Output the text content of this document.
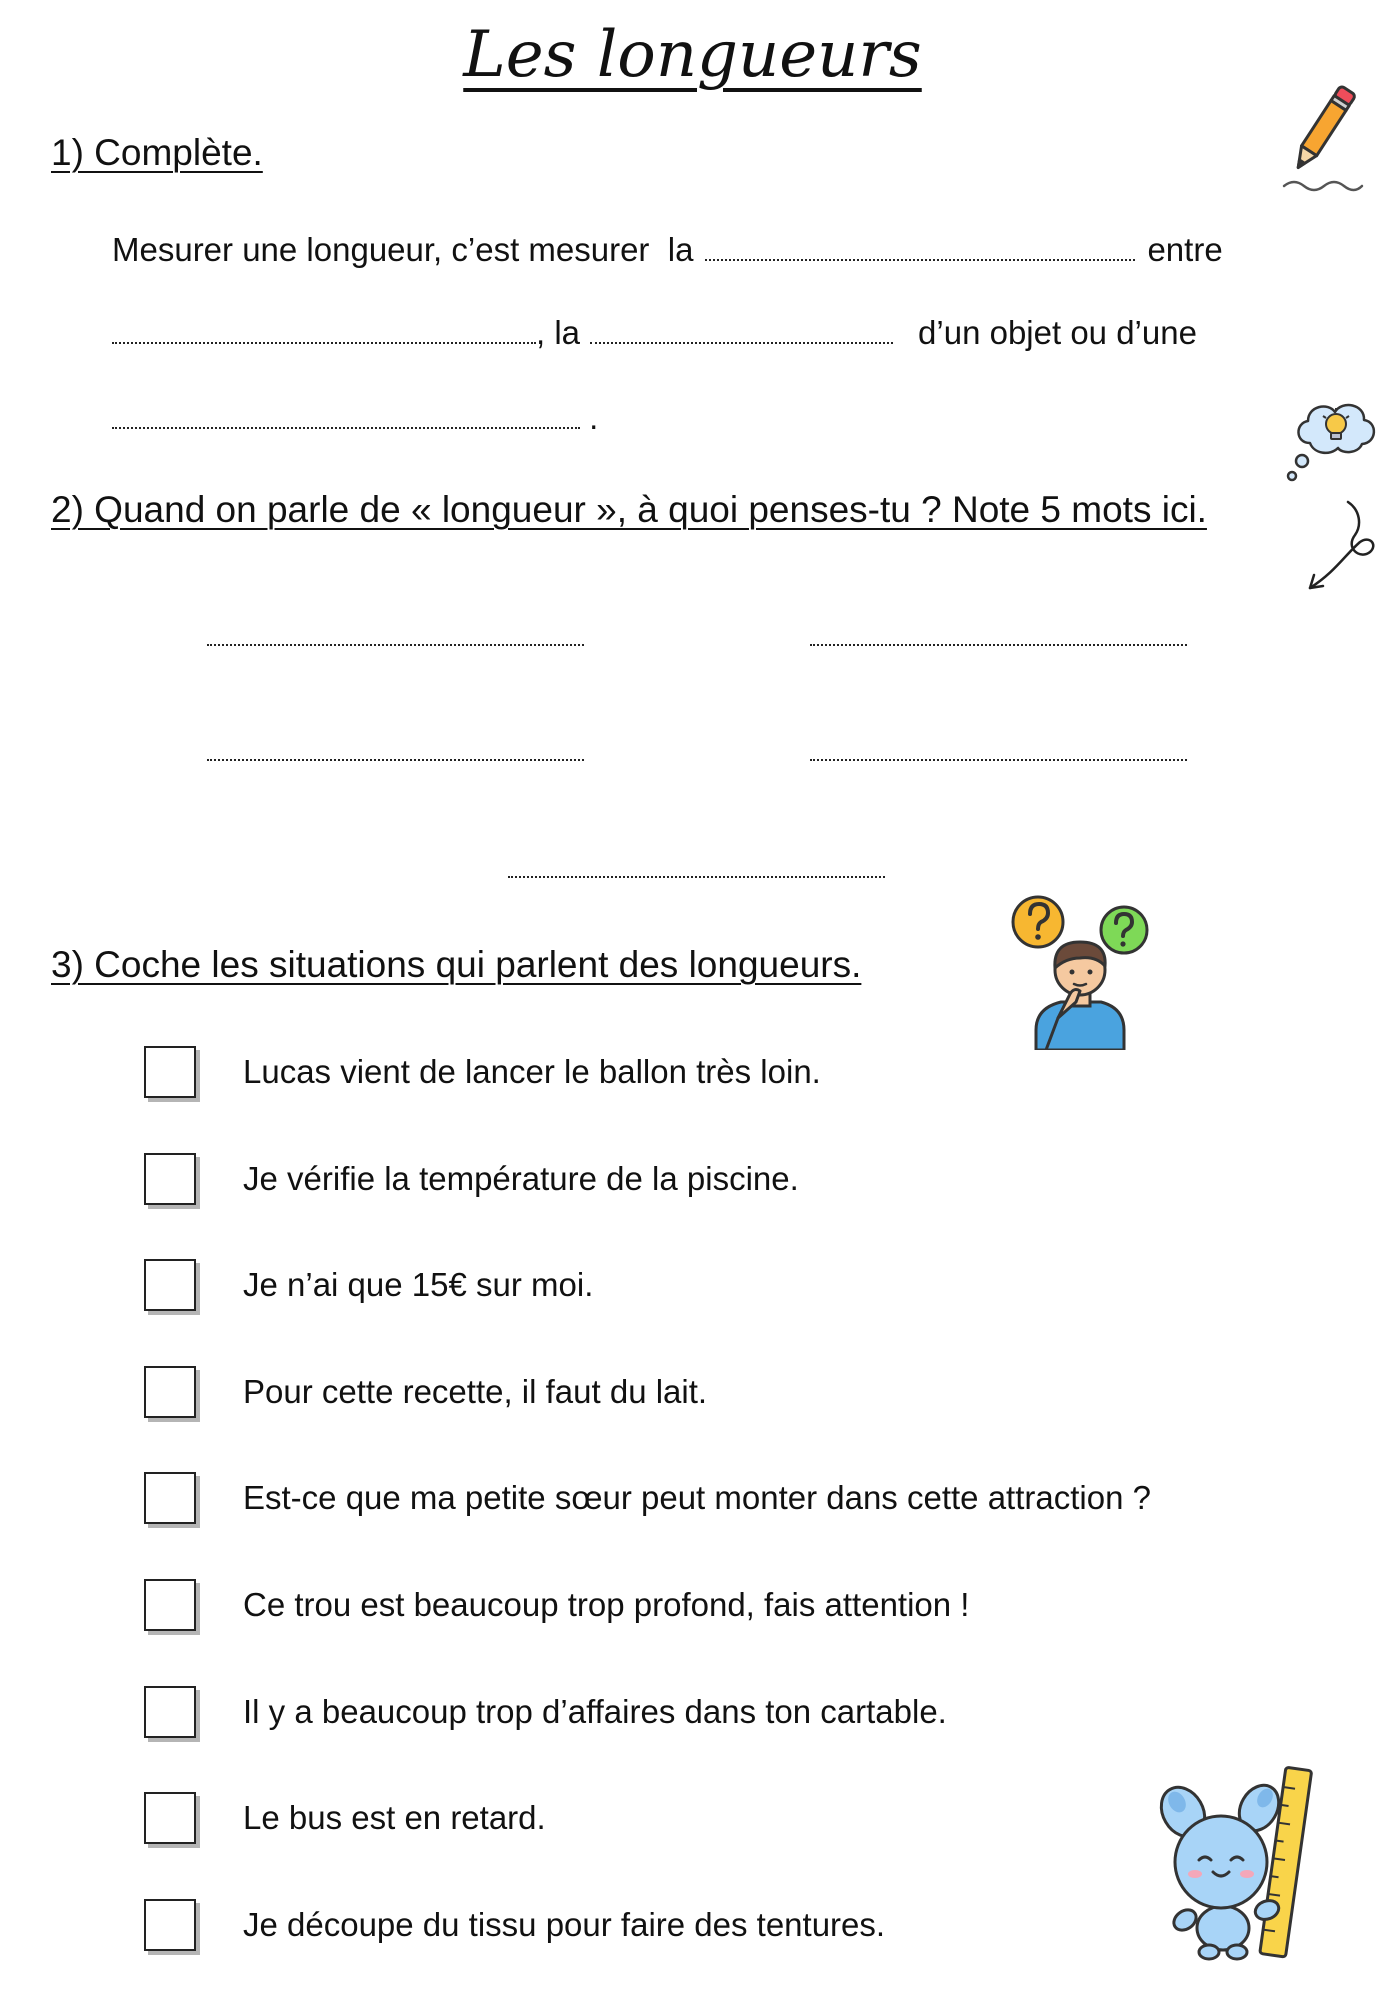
Les longueurs
1) Complète.
Mesurer une longueur, c’est mesurer  la	entre
, la	d’un objet ou d’une
.
2) Quand on parle de « longueur », à quoi penses-tu ? Note 5 mots ici.
3) Coche les situations qui parlent des longueurs.
Lucas vient de lancer le ballon très loin.
Je vérifie la température de la piscine.
Je n’ai que 15€ sur moi.
Pour cette recette, il faut du lait.
Est-ce que ma petite sœur peut monter dans cette attraction ?
Ce trou est beaucoup trop profond, fais attention !
Il y a beaucoup trop d’affaires dans ton cartable.
Le bus est en retard.
Je découpe du tissu pour faire des tentures.
